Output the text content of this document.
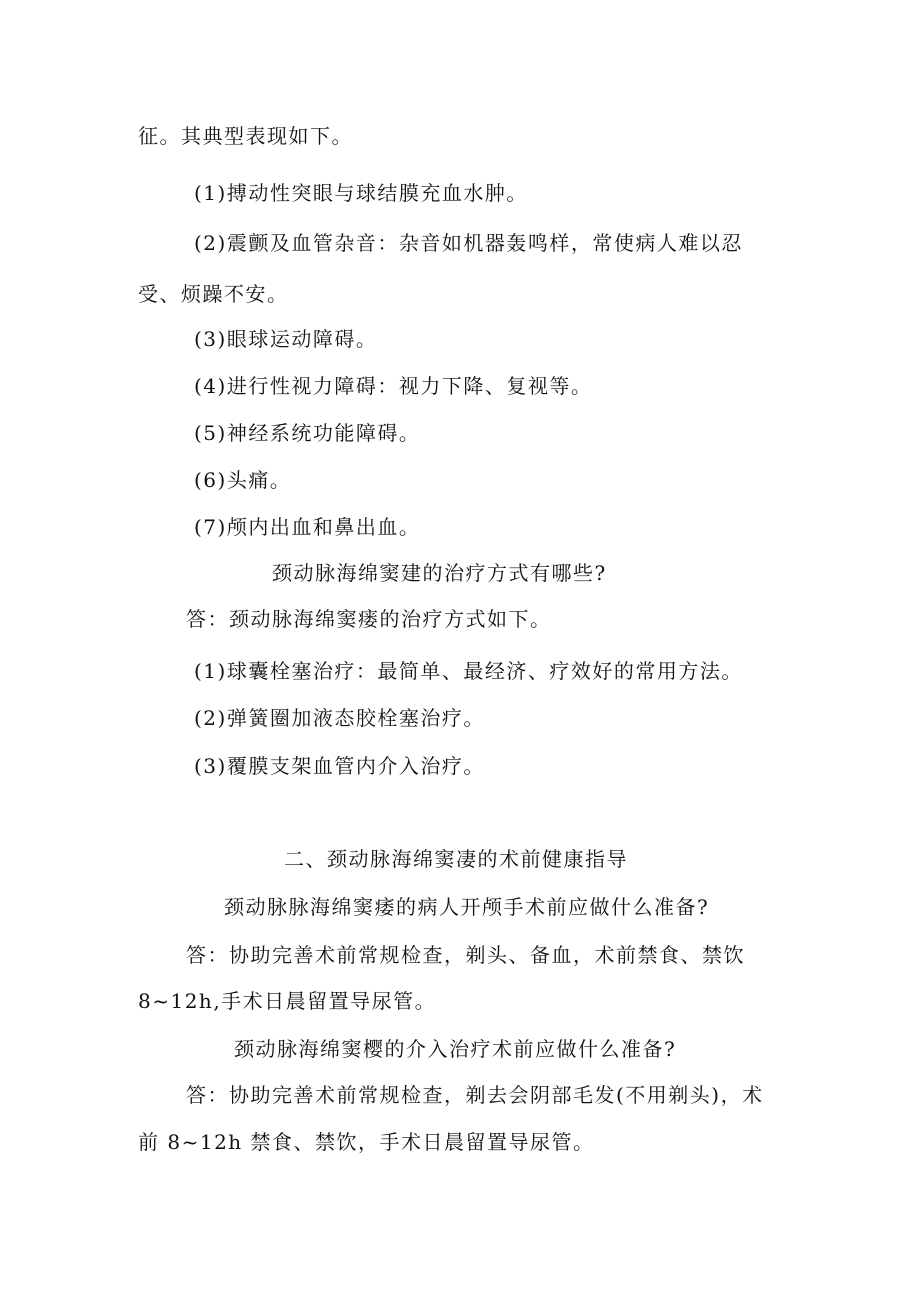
征。其典型表现如下。
(1)搏动性突眼与球结膜充血水肿。
(2)震颤及血管杂音：杂音如机器轰鸣样，常使病人难以忍
受、烦躁不安。
(3)眼球运动障碍。
(4)进行性视力障碍：视力下降、复视等。
(5)神经系统功能障碍。
(6)头痛。
(7)颅内出血和鼻出血。
颈动脉海绵窦建的治疗方式有哪些?
答：颈动脉海绵窦瘘的治疗方式如下。
(1)球囊栓塞治疗：最简单、最经济、疗效好的常用方法。
(2)弹簧圈加液态胶栓塞治疗。
(3)覆膜支架血管内介入治疗。
二、颈动脉海绵窦凄的术前健康指导
颈动脉脉海绵窦痿的病人开颅手术前应做什么准备?
答：协助完善术前常规检查，剃头、备血，术前禁食、禁饮
8~12h,手术日晨留置导尿管。
颈动脉海绵窦樱的介入治疗术前应做什么准备?
答：协助完善术前常规检查，剃去会阴部毛发(不用剃头)，术
前 8~12h 禁食、禁饮，手术日晨留置导尿管。
